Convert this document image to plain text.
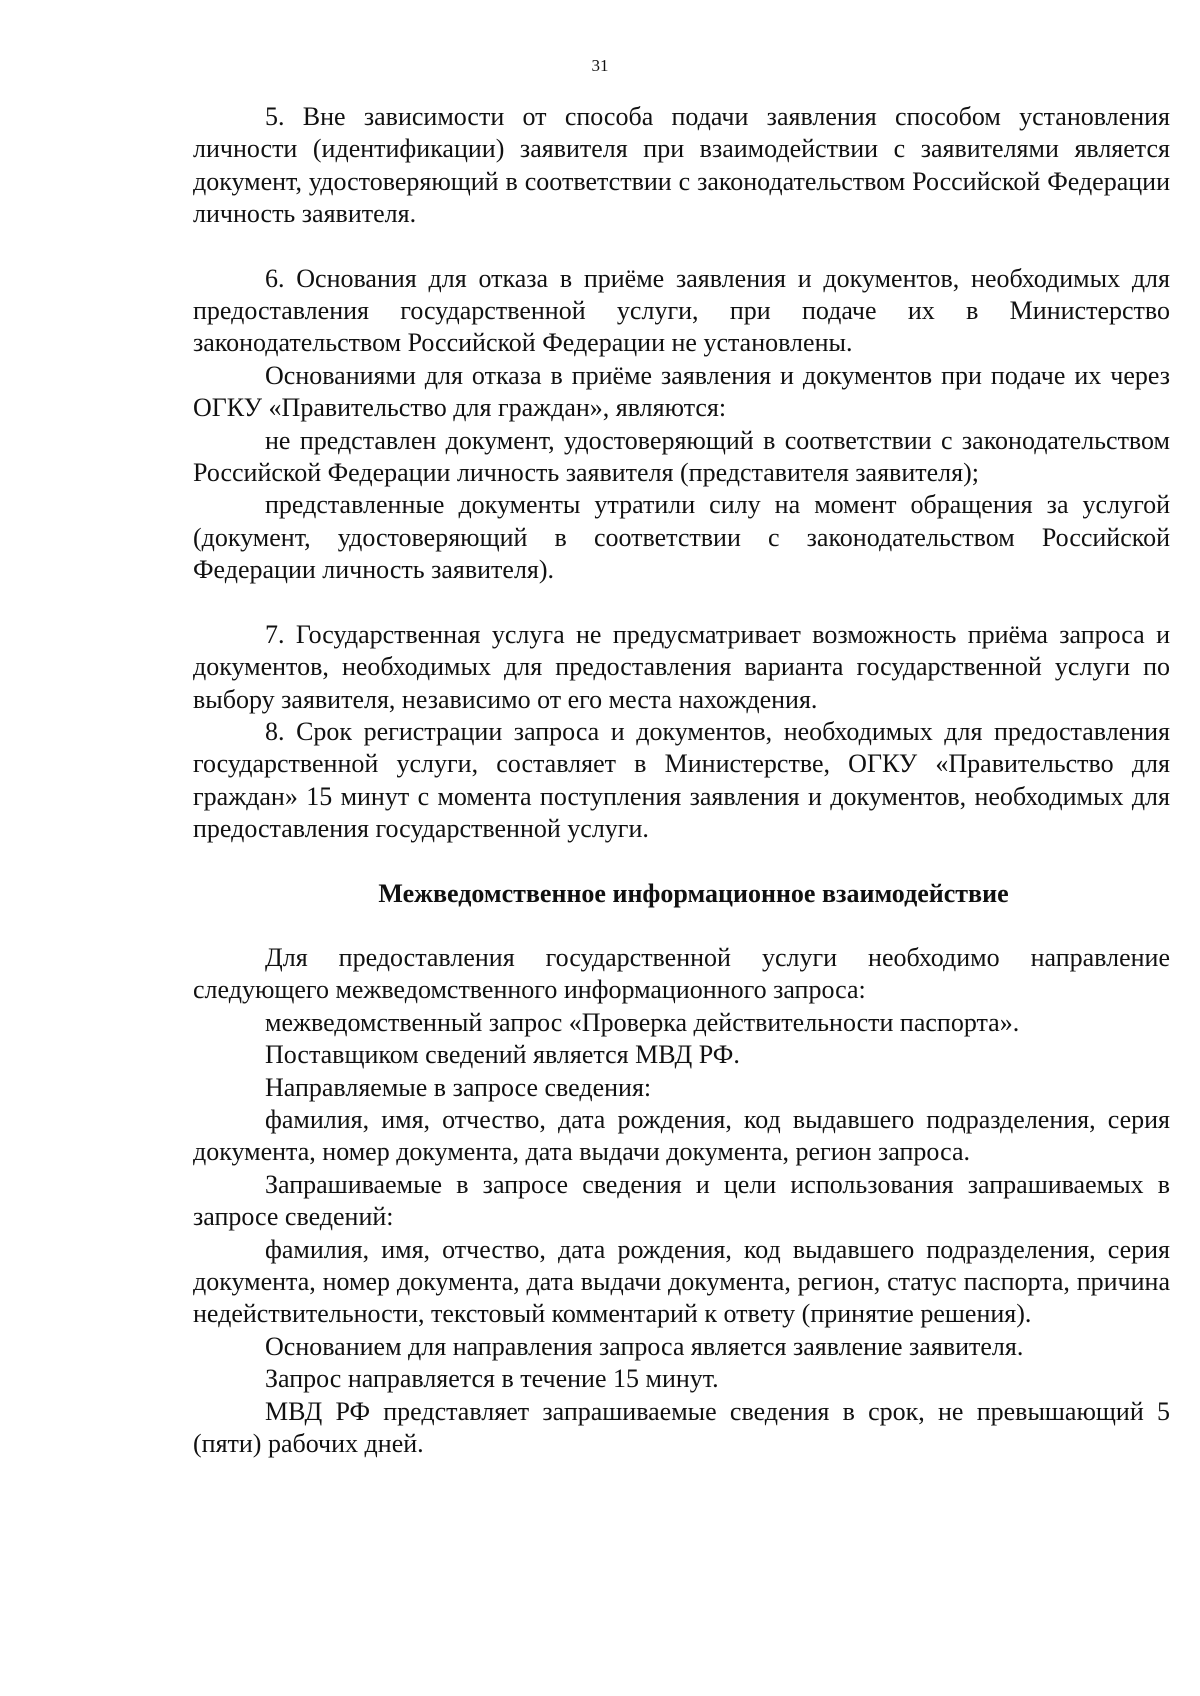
31

5. Вне зависимости от способа подачи заявления способом установления личности (идентификации) заявителя при взаимодействии с заявителями является документ, удостоверяющий в соответствии с законодательством Российской Федерации личность заявителя.

6. Основания для отказа в приёме заявления и документов, необходимых для предоставления государственной услуги, при подаче их в Министерство законодательством Российской Федерации не установлены.

Основаниями для отказа в приёме заявления и документов при подаче их через ОГКУ «Правительство для граждан», являются:

не представлен документ, удостоверяющий в соответствии с законодательством Российской Федерации личность заявителя (представителя заявителя);

представленные документы утратили силу на момент обращения за услугой (документ, удостоверяющий в соответствии с законодательством Российской Федерации личность заявителя).

7. Государственная услуга не предусматривает возможность приёма запроса и документов, необходимых для предоставления варианта государственной услуги по выбору заявителя, независимо от его места нахождения.

8. Срок регистрации запроса и документов, необходимых для предоставления государственной услуги, составляет в Министерстве, ОГКУ «Правительство для граждан» 15 минут с момента поступления заявления и документов, необходимых для предоставления государственной услуги.

Межведомственное информационное взаимодействие

Для предоставления государственной услуги необходимо направление следующего межведомственного информационного запроса:

межведомственный запрос «Проверка действительности паспорта».

Поставщиком сведений является МВД РФ.

Направляемые в запросе сведения:

фамилия, имя, отчество, дата рождения, код выдавшего подразделения, серия документа, номер документа, дата выдачи документа, регион запроса.

Запрашиваемые в запросе сведения и цели использования запрашиваемых в запросе сведений:

фамилия, имя, отчество, дата рождения, код выдавшего подразделения, серия документа, номер документа, дата выдачи документа, регион, статус паспорта, причина недействительности, текстовый комментарий к ответу (принятие решения).

Основанием для направления запроса является заявление заявителя.

Запрос направляется в течение 15 минут.

МВД РФ представляет запрашиваемые сведения в срок, не превышающий 5 (пяти) рабочих дней.
